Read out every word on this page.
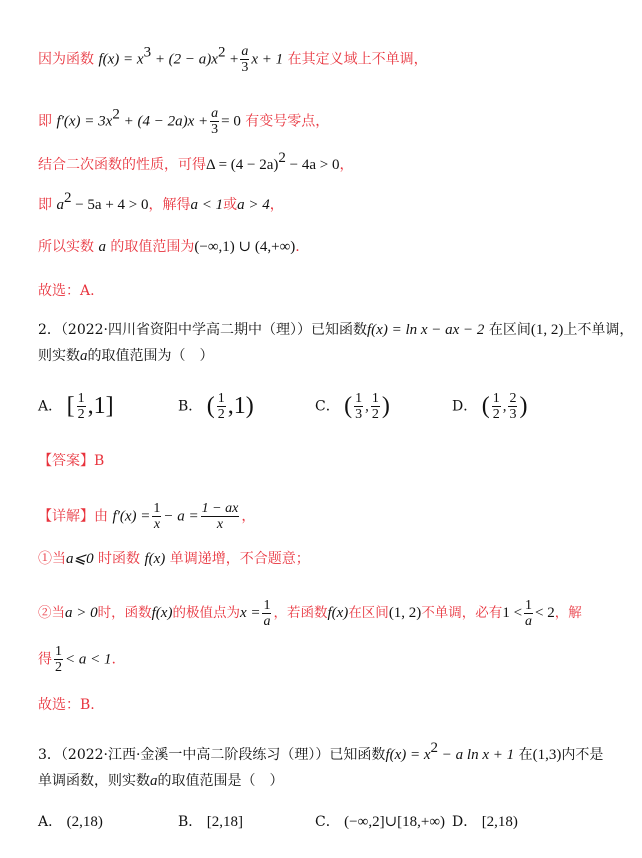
因为函数 $f(x) = x^3 + (2 - a)x^2 + \frac{a}{3}$ x + 1 在其定义域上不单调，
即 $f'(x) = 3x^2 + (4 - 2a)x + \frac{a}{3} = 0$ 有变号零点，
结合二次函数的性质，可得$\Delta = (4 - 2a)^2 - 4a > 0$，
即 $a^2 - 5a + 4 > 0$，解得a < 1或a > 4，
所以实数 a 的取值范围为(−∞,1) ∪ (4,+∞).
故选：A.
2．（2022·四川省资阳中学高二期中（理））已知函数f(x) = ln x − ax − 2 在区间(1, 2)上不单调，
则实数a的取值范围为（　）
A． [ $\frac{1}{2} ,1$]	B． ( $\frac{1}{2} ,1$)	C． ( $\frac{1}{3}$ , $\frac{1}{2}$ )	D． ( $\frac{1}{2}$ , $\frac{2}{3}$ )
【答案】B
【详解】由 $f'(x) = \frac{1}{x} - a = \frac{1 - ax}{x}$ ，
①当a⩽0 时函数 f(x) 单调递增，不合题意；
②当a > 0时，函数f(x)的极值点为$x = \frac{1}{a}$ ，若函数f(x)在区间(1, 2)不单调，必有$1 < \frac{1}{a} < 2$，解
得 $\frac{1}{2} < a < 1$.
故选：B.
3．（2022·江西·金溪一中高二阶段练习（理））已知函数$f(x) = x^2 - a$ ln x + 1 在(1,3)内不是
单调函数，则实数a的取值范围是（　）
A． (2,18)	B． [2,18]	C． (−∞,2]∪[18,+∞) D． [2,18)
